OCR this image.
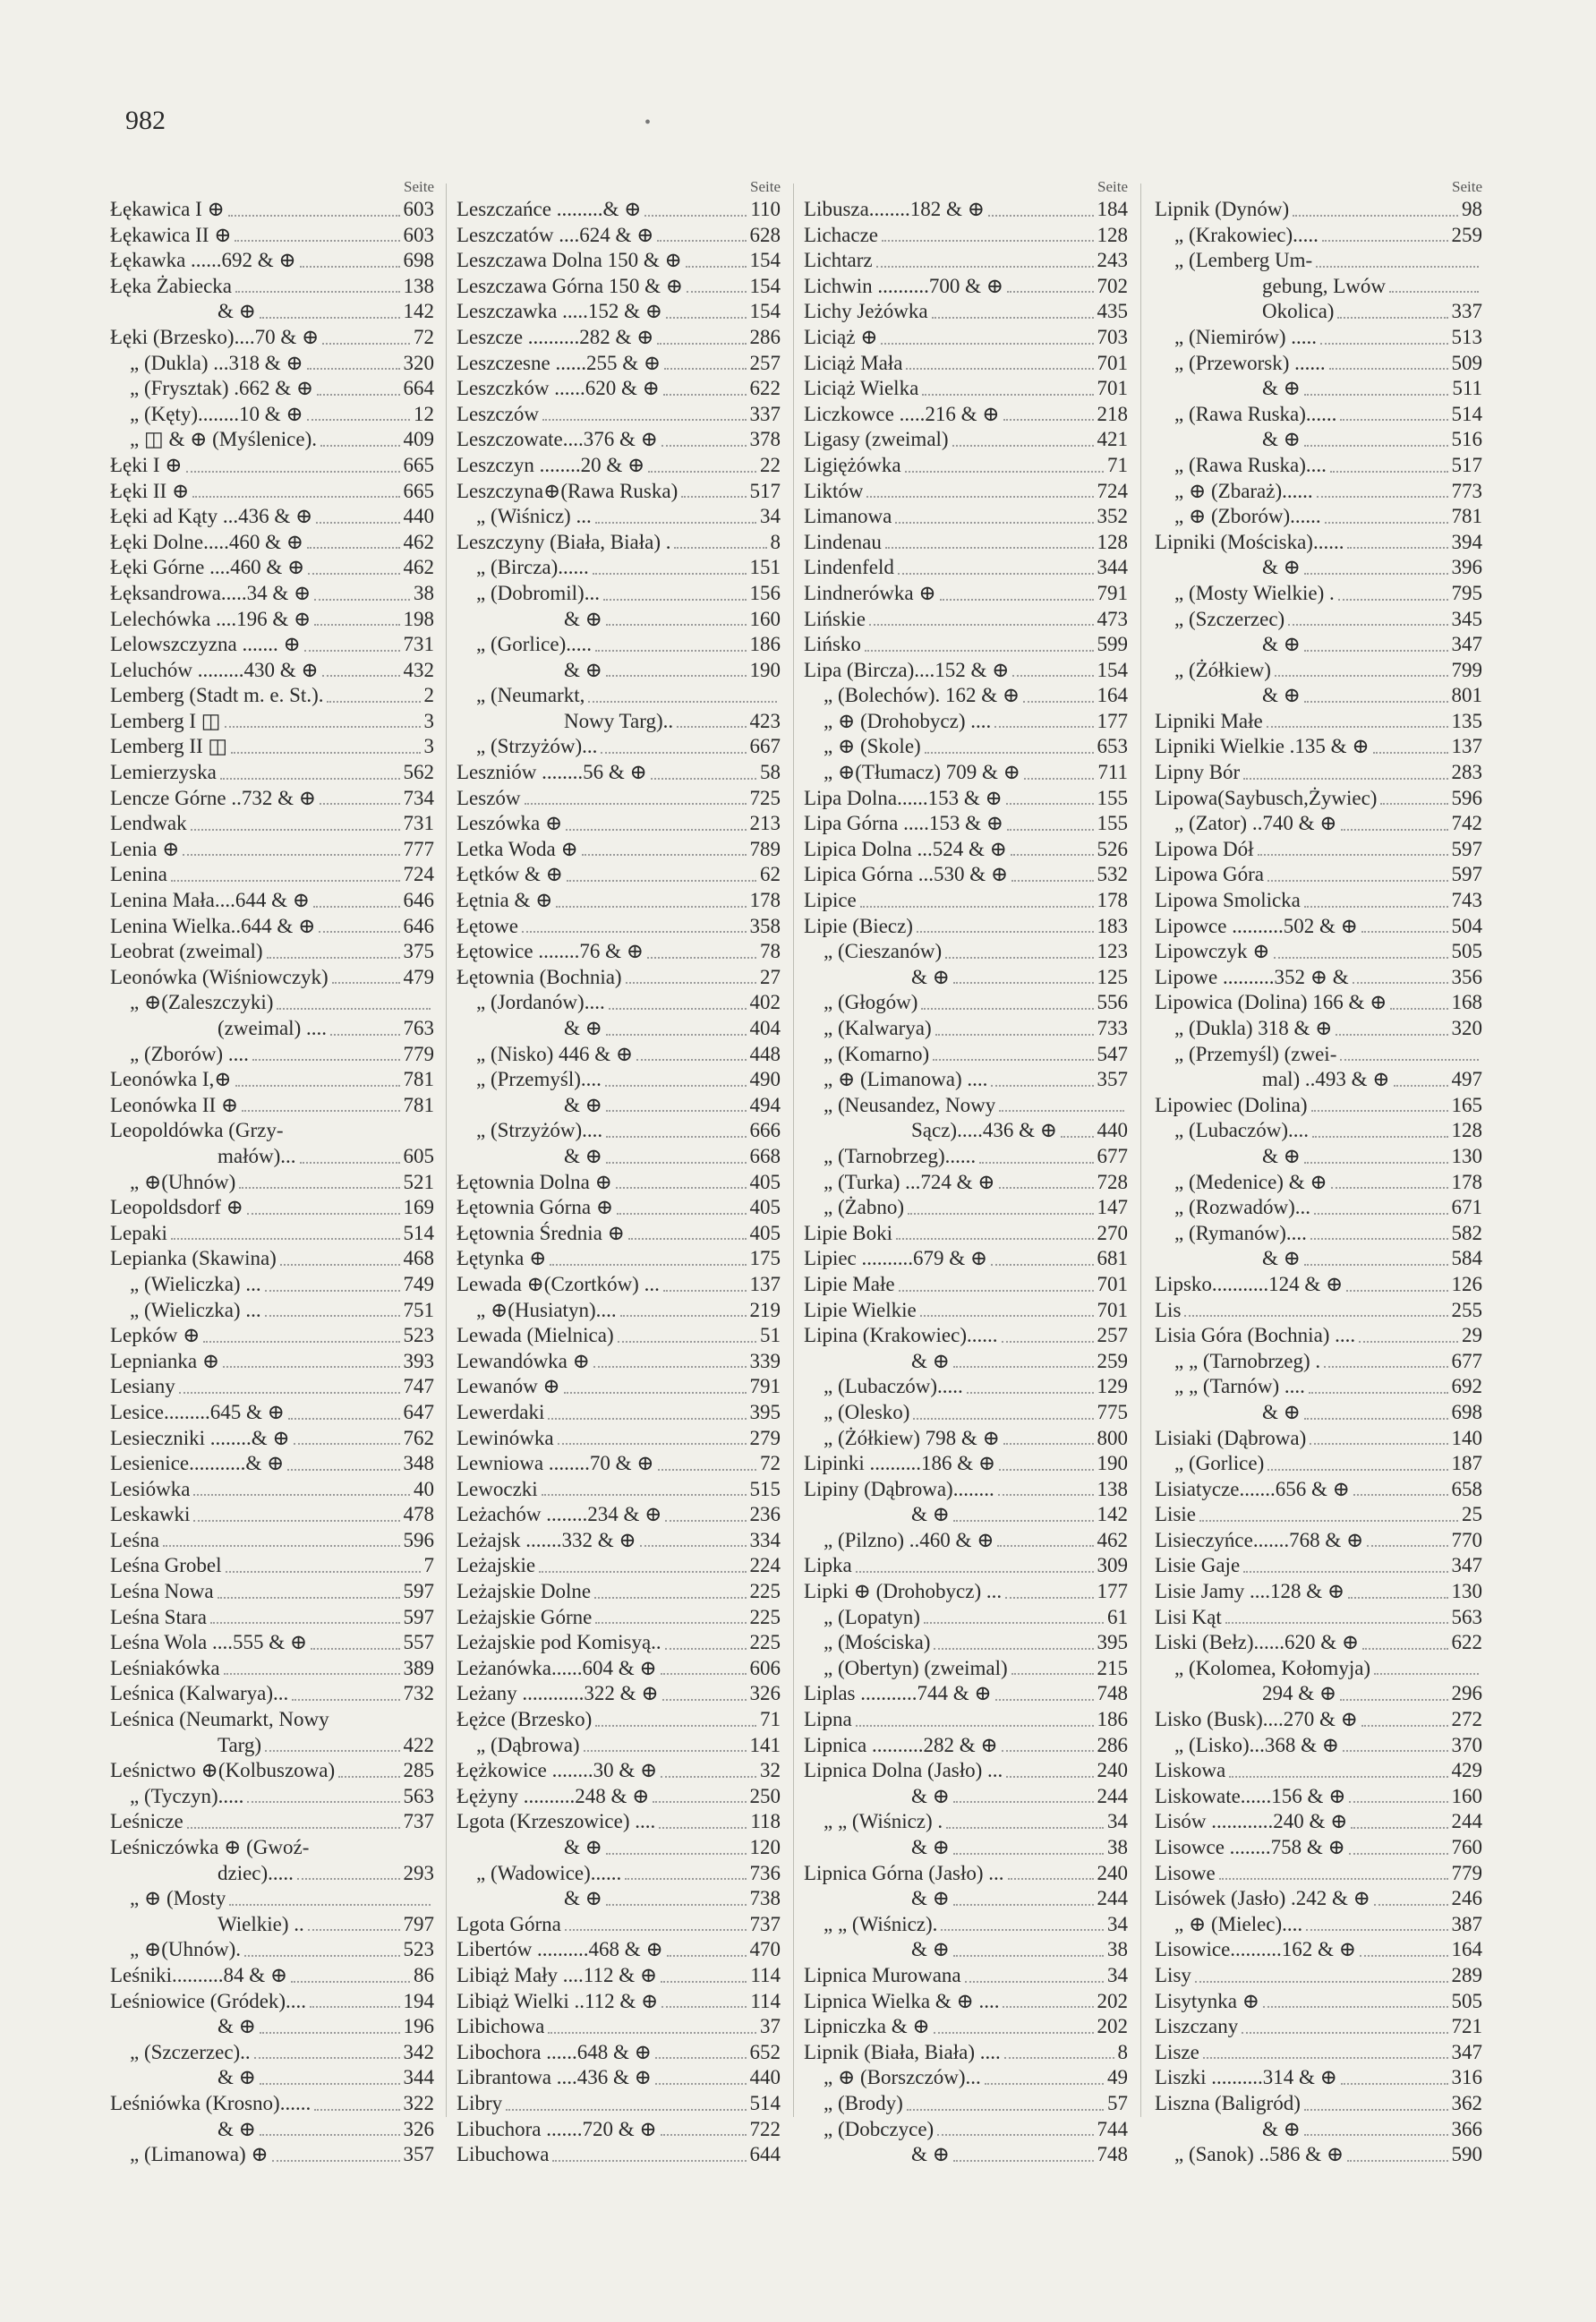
982	•
Seite
Łękawica I ⊕	603
Łękawica II ⊕	603
Łękawka ......692 & ⊕	698
Łęka Żabiecka	138
& ⊕	142
Łęki (Brzesko)....70 & ⊕	72
„ (Dukla) ...318 & ⊕	320
„ (Frysztak) .662 & ⊕	664
„ (Kęty)........10 & ⊕	12
„ ◫ & ⊕ (Myślenice).	409
Łęki I ⊕	665
Łęki II ⊕	665
Łęki ad Kąty ...436 & ⊕	440
Łęki Dolne.....460 & ⊕	462
Łęki Górne ....460 & ⊕	462
Łęksandrowa.....34 & ⊕	38
Lelechówka ....196 & ⊕	198
Lelowszczyzna ....... ⊕	731
Leluchów .........430 & ⊕	432
Lemberg (Stadt m. e. St.).	2
Lemberg I ◫	3
Lemberg II ◫	3
Lemierzyska	562
Lencze Górne ..732 & ⊕	734
Lendwak	731
Lenia ⊕	777
Lenina	724
Lenina Mała....644 & ⊕	646
Lenina Wielka..644 & ⊕	646
Leobrat (zweimal)	375
Leonówka (Wiśniowczyk)	479
„ ⊕(Zaleszczyki)
(zweimal) ....	763
„ (Zborów) ....	779
Leonówka I,⊕	781
Leonówka II ⊕	781
Leopoldówka (Grzy-
małów)...	605
„ ⊕(Uhnów)	521
Leopoldsdorf ⊕	169
Lepaki	514
Lepianka (Skawina)	468
„ (Wieliczka) ...	749
„ (Wieliczka) ...	751
Lepków ⊕	523
Lepnianka ⊕	393
Lesiany	747
Lesice.........645 & ⊕	647
Lesieczniki ........& ⊕	762
Lesienice...........& ⊕	348
Lesiówka	40
Leskawki	478
Leśna	596
Leśna Grobel	7
Leśna Nowa	597
Leśna Stara	597
Leśna Wola ....555 & ⊕	557
Leśniakówka	389
Leśnica (Kalwarya)...	732
Leśnica (Neumarkt, Nowy
Targ)	422
Leśnictwo ⊕(Kolbuszowa)	285
„ (Tyczyn).....	563
Leśnicze	737
Leśniczówka ⊕ (Gwoź-
dziec).....	293
„ ⊕ (Mosty
Wielkie) ..	797
„ ⊕(Uhnów).	523
Leśniki..........84 & ⊕	86
Leśniowice (Gródek)....	194
& ⊕	196
„ (Szczerzec)..	342
& ⊕	344
Leśniówka (Krosno)......	322
& ⊕	326
„ (Limanowa) ⊕	357
Seite
Leszczańce .........& ⊕	110
Leszczatów ....624 & ⊕	628
Leszczawa Dolna 150 & ⊕	154
Leszczawa Górna 150 & ⊕	154
Leszczawka .....152 & ⊕	154
Leszcze ..........282 & ⊕	286
Leszczesne ......255 & ⊕	257
Leszczków ......620 & ⊕	622
Leszczów	337
Leszczowate....376 & ⊕	378
Leszczyn ........20 & ⊕	22
Leszczyna⊕(Rawa Ruska)	517
„ (Wiśnicz) ...	34
Leszczyny (Biała, Biała) .	8
„ (Bircza)......	151
„ (Dobromil)...	156
& ⊕	160
„ (Gorlice).....	186
& ⊕	190
„ (Neumarkt,
Nowy Targ)..	423
„ (Strzyżów)...	667
Leszniów ........56 & ⊕	58
Leszów	725
Leszówka ⊕	213
Letka Woda ⊕	789
Łętków & ⊕	62
Łętnia & ⊕	178
Łętowe	358
Łętowice ........76 & ⊕	78
Łętownia (Bochnia)	27
„ (Jordanów)....	402
& ⊕	404
„ (Nisko) 446 & ⊕	448
„ (Przemyśl)....	490
& ⊕	494
„ (Strzyżów)....	666
& ⊕	668
Łętownia Dolna ⊕	405
Łętownia Górna ⊕	405
Łętownia Średnia ⊕	405
Łętynka ⊕	175
Lewada ⊕(Czortków) ...	137
„ ⊕(Husiatyn)....	219
Lewada (Mielnica)	51
Lewandówka ⊕	339
Lewanów ⊕	791
Lewerdaki	395
Lewinówka	279
Lewniowa ........70 & ⊕	72
Lewoczki	515
Leżachów ........234 & ⊕	236
Leżajsk .......332 & ⊕	334
Leżajskie	224
Leżajskie Dolne	225
Leżajskie Górne	225
Leżajskie pod Komisyą..	225
Leżanówka......604 & ⊕	606
Leżany ............322 & ⊕	326
Łężce (Brzesko)	71
„ (Dąbrowa)	141
Łężkowice ........30 & ⊕	32
Łężyny ..........248 & ⊕	250
Lgota (Krzeszowice) ....	118
& ⊕	120
„ (Wadowice)......	736
& ⊕	738
Lgota Górna	737
Libertów ..........468 & ⊕	470
Libiąż Mały ....112 & ⊕	114
Libiąż Wielki ..112 & ⊕	114
Libichowa	37
Libochora ......648 & ⊕	652
Librantowa ....436 & ⊕	440
Libry	514
Libuchora .......720 & ⊕	722
Libuchowa	644
Seite
Libusza........182 & ⊕	184
Lichacze	128
Lichtarz	243
Lichwin ..........700 & ⊕	702
Lichy Jeżówka	435
Liciąż ⊕	703
Liciąż Mała	701
Liciąż Wielka	701
Liczkowce .....216 & ⊕	218
Ligasy (zweimal)	421
Ligiężówka	71
Liktów	724
Limanowa	352
Lindenau	128
Lindenfeld	344
Lindnerówka ⊕	791
Lińskie	473
Lińsko	599
Lipa (Bircza)....152 & ⊕	154
„ (Bolechów). 162 & ⊕	164
„ ⊕ (Drohobycz) ....	177
„ ⊕ (Skole)	653
„ ⊕(Tłumacz) 709 & ⊕	711
Lipa Dolna......153 & ⊕	155
Lipa Górna .....153 & ⊕	155
Lipica Dolna ...524 & ⊕	526
Lipica Górna ...530 & ⊕	532
Lipice	178
Lipie (Biecz)	183
„ (Cieszanów)	123
& ⊕	125
„ (Głogów)	556
„ (Kalwarya)	733
„ (Komarno)	547
„ ⊕ (Limanowa) ....	357
„ (Neusandez, Nowy
Sącz).....436 & ⊕ 440
„ (Tarnobrzeg)......	677
„ (Turka) ...724 & ⊕	728
„ (Żabno)	147
Lipie Boki	270
Lipiec ..........679 & ⊕	681
Lipie Małe	701
Lipie Wielkie	701
Lipina (Krakowiec)......	257
& ⊕	259
„ (Lubaczów).....	129
„ (Olesko)	775
„ (Żółkiew) 798 & ⊕	800
Lipinki ..........186 & ⊕	190
Lipiny (Dąbrowa)........	138
& ⊕	142
„ (Pilzno) ..460 & ⊕	462
Lipka	309
Lipki ⊕ (Drohobycz) ...	177
„ (Lopatyn)	61
„ (Mościska)	395
„ (Obertyn) (zweimal)	215
Liplas ...........744 & ⊕	748
Lipna	186
Lipnica ..........282 & ⊕	286
Lipnica Dolna (Jasło) ...	240
& ⊕	244
„ „ (Wiśnicz) .	34
& ⊕	38
Lipnica Górna (Jasło) ...	240
& ⊕	244
„ „ (Wiśnicz).	34
& ⊕	38
Lipnica Murowana	34
Lipnica Wielka & ⊕ ....	202
Lipniczka & ⊕	202
Lipnik (Biała, Biała) ....	8
„ ⊕ (Borszczów)...	49
„ (Brody)	57
„ (Dobczyce)	744
& ⊕	748
Seite
Lipnik (Dynów)	98
„ (Krakowiec).....	259
„ (Lemberg Um-
gebung, Lwów
Okolica)	337
„ (Niemirów) .....	513
„ (Przeworsk) ......	509
& ⊕	511
„ (Rawa Ruska)......	514
& ⊕	516
„ (Rawa Ruska)....	517
„ ⊕ (Zbaraż)......	773
„ ⊕ (Zborów)......	781
Lipniki (Mościska)......	394
& ⊕	396
„ (Mosty Wielkie) .	795
„ (Szczerzec)	345
& ⊕	347
„ (Żółkiew)	799
& ⊕	801
Lipniki Małe	135
Lipniki Wielkie .135 & ⊕	137
Lipny Bór	283
Lipowa(Saybusch,Żywiec)	596
„ (Zator) ..740 & ⊕	742
Lipowa Dół	597
Lipowa Góra	597
Lipowa Smolicka	743
Lipowce ..........502 & ⊕	504
Lipowczyk ⊕	505
Lipowe ..........352 ⊕ &	356
Lipowica (Dolina) 166 & ⊕	168
„ (Dukla) 318 & ⊕	320
„ (Przemyśl) (zwei-
mal) ..493 & ⊕	497
Lipowiec (Dolina)	165
„ (Lubaczów)....	128
& ⊕	130
„ (Medenice) & ⊕	178
„ (Rozwadów)...	671
„ (Rymanów)....	582
& ⊕	584
Lipsko...........124 & ⊕	126
Lis	255
Lisia Góra (Bochnia) ....	29
„ „ (Tarnobrzeg) .	677
„ „ (Tarnów) ....	692
& ⊕	698
Lisiaki (Dąbrowa)	140
„ (Gorlice)	187
Lisiatycze.......656 & ⊕	658
Lisie	25
Lisieczyńce.......768 & ⊕	770
Lisie Gaje	347
Lisie Jamy ....128 & ⊕	130
Lisi Kąt	563
Liski (Bełz)......620 & ⊕	622
„ (Kolomea, Kołomyja)
294 & ⊕	296
Lisko (Busk)....270 & ⊕	272
„ (Lisko)...368 & ⊕	370
Liskowa	429
Liskowate......156 & ⊕	160
Lisów ............240 & ⊕	244
Lisowce ........758 & ⊕	760
Lisowe	779
Lisówek (Jasło) .242 & ⊕	246
„ ⊕ (Mielec)....	387
Lisowice..........162 & ⊕	164
Lisy	289
Lisytynka ⊕	505
Liszczany	721
Lisze	347
Liszki ..........314 & ⊕	316
Liszna (Baligród)	362
& ⊕	366
„ (Sanok) ..586 & ⊕	590
